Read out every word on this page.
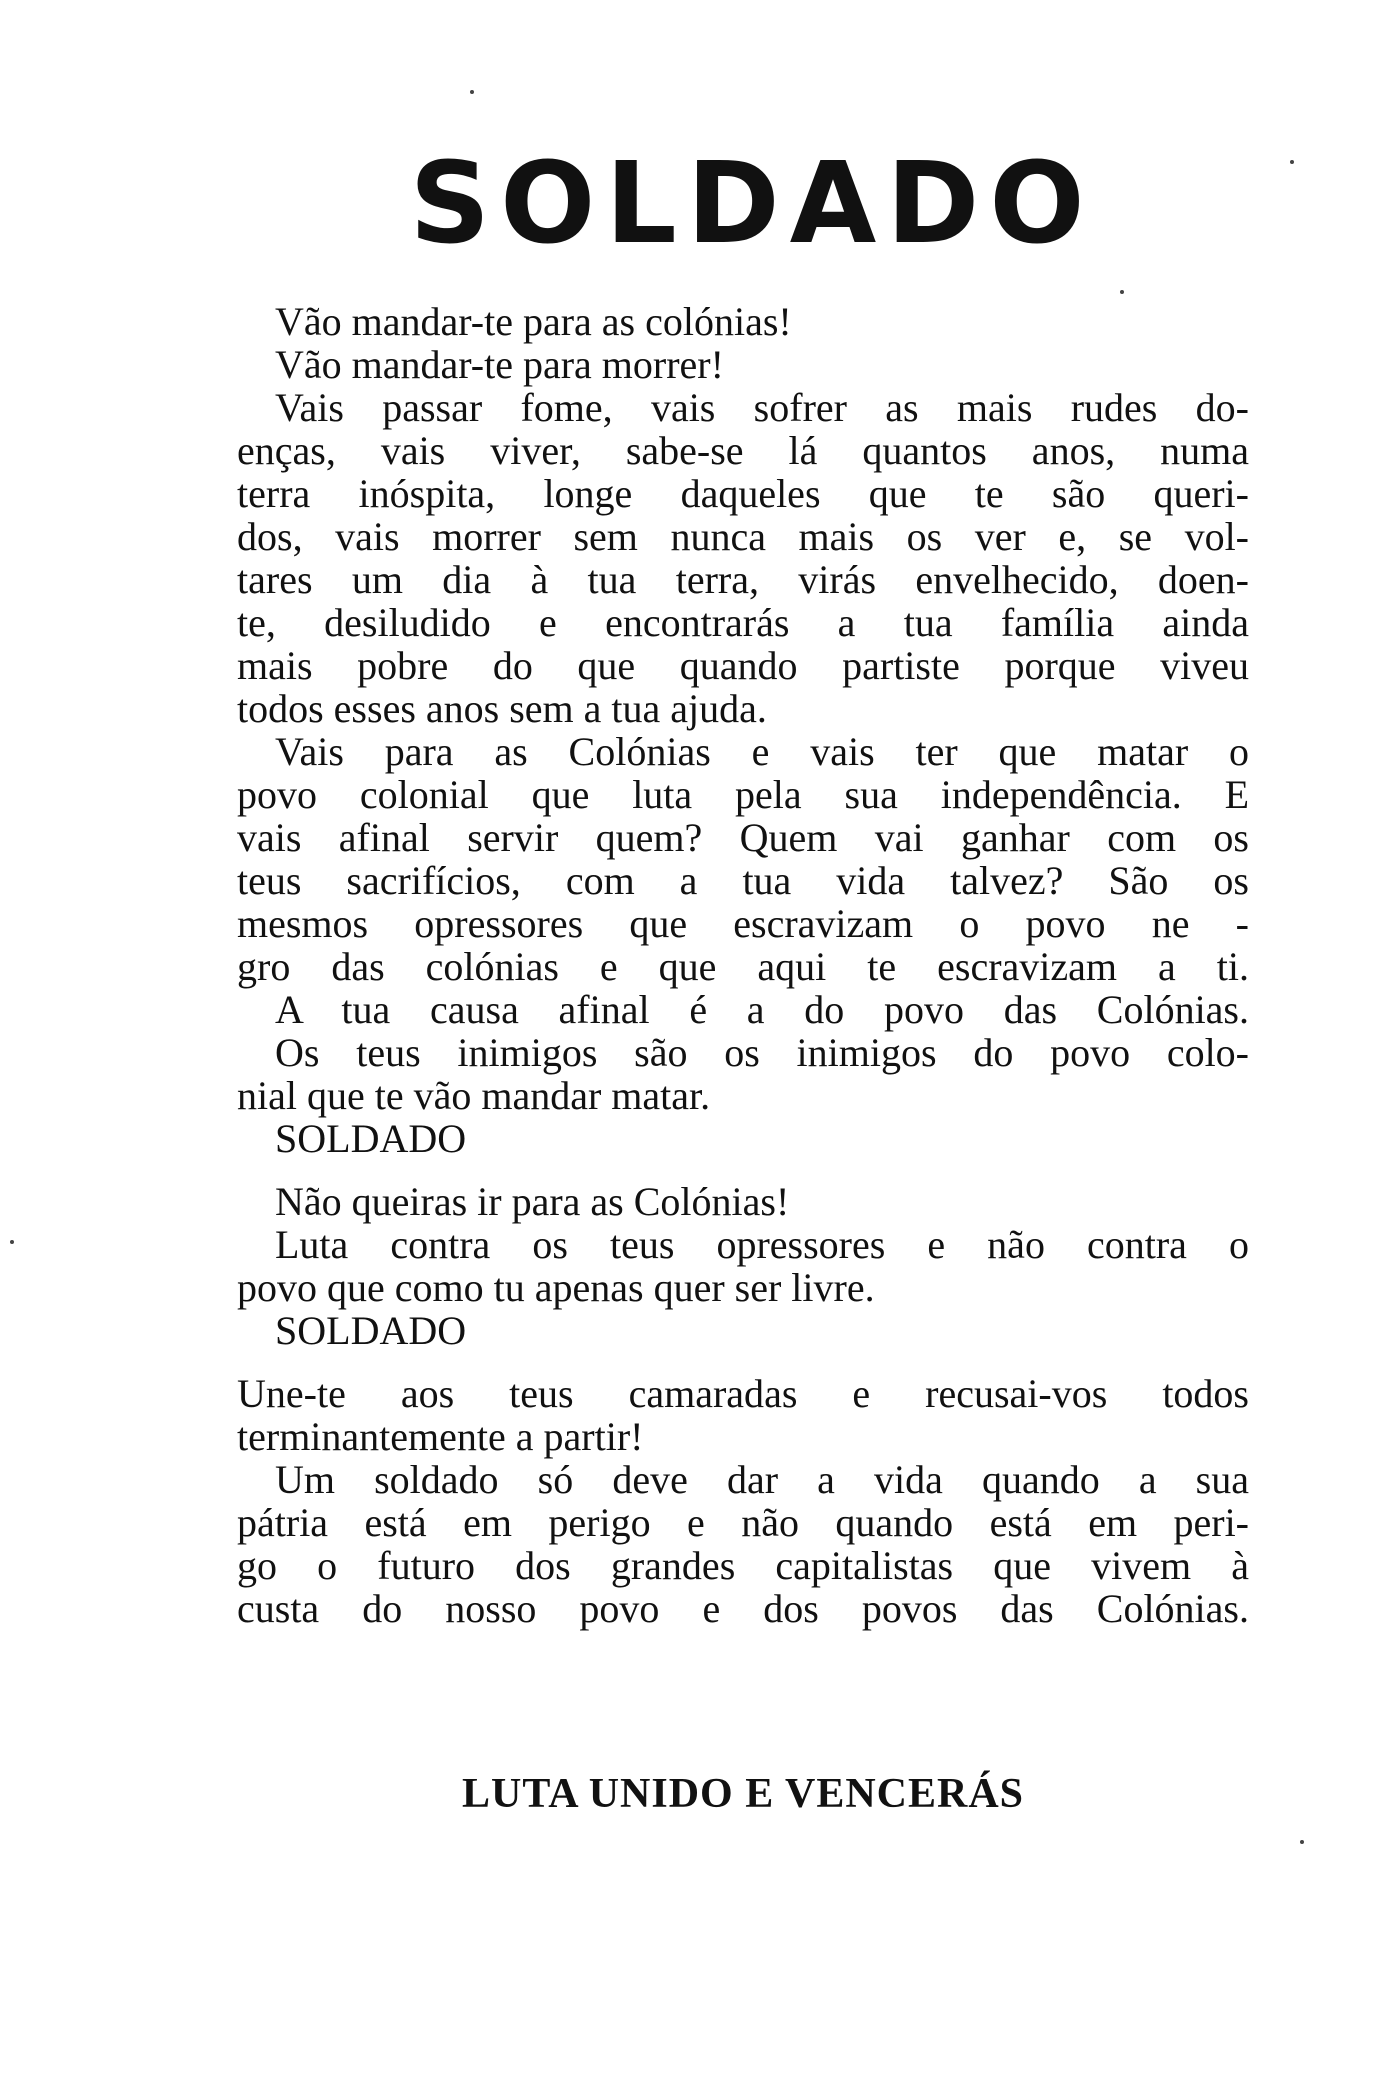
SOLDADO

Vão mandar-te para as colónias!

Vão mandar-te para morrer!

Vais passar fome, vais sofrer as mais rudes do-

enças, vais viver, sabe-se lá quantos anos, numa

terra inóspita, longe daqueles que te são queri-

dos, vais morrer sem nunca mais os ver e, se vol-

tares um dia à tua terra, virás envelhecido, doen-

te, desiludido e encontrarás a tua família ainda

mais pobre do que quando partiste porque viveu

todos esses anos sem a tua ajuda.

Vais para as Colónias e vais ter que matar o

povo colonial que luta pela sua independência. E

vais afinal servir quem? Quem vai ganhar com os

teus sacrifícios, com a tua vida talvez? São os

mesmos opressores que escravizam o povo ne -

gro das colónias e que aqui te escravizam a ti.

A tua causa afinal é a do povo das Colónias.

Os teus inimigos são os inimigos do povo colo-

nial que te vão mandar matar.

SOLDADO

Não queiras ir para as Colónias!

Luta contra os teus opressores e não contra o

povo que como tu apenas quer ser livre.

SOLDADO

Une-te aos teus camaradas e recusai-vos todos

terminantemente a partir!

Um soldado só deve dar a vida quando a sua

pátria está em perigo e não quando está em peri-

go o futuro dos grandes capitalistas que vivem à

custa do nosso povo e dos povos das Colónias.

LUTA UNIDO E VENCERÁS
